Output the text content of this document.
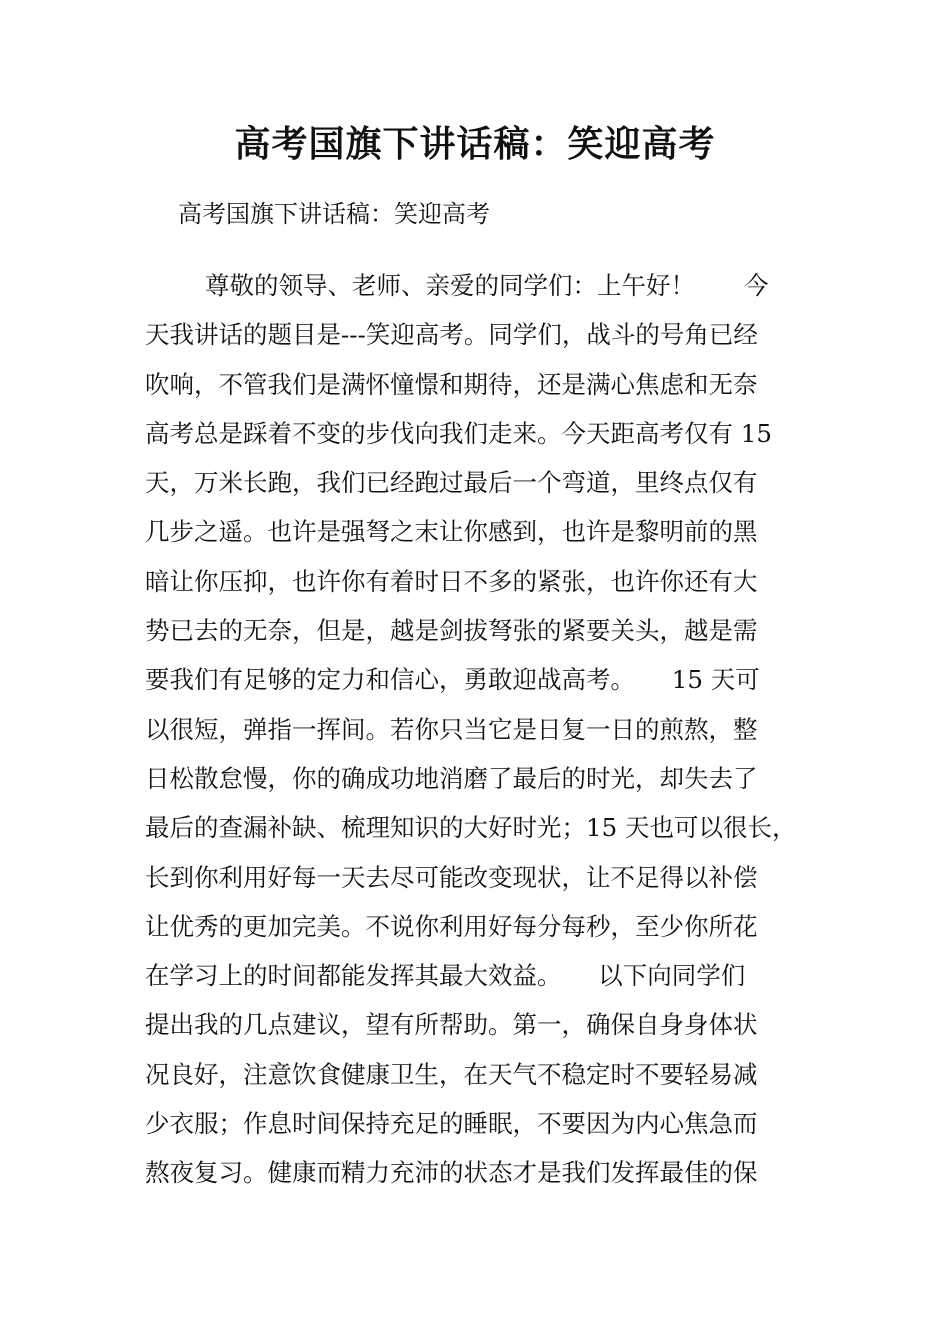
高考国旗下讲话稿：笑迎高考

高考国旗下讲话稿：笑迎高考

尊敬的领导、老师、亲爱的同学们：上午好！　　今

天我讲话的题目是---笑迎高考。同学们，战斗的号角已经

吹响，不管我们是满怀憧憬和期待，还是满心焦虑和无奈

高考总是踩着不变的步伐向我们走来。今天距高考仅有 15

天，万米长跑，我们已经跑过最后一个弯道，里终点仅有

几步之遥。也许是强弩之末让你感到，也许是黎明前的黑

暗让你压抑，也许你有着时日不多的紧张，也许你还有大

势已去的无奈，但是，越是剑拔弩张的紧要关头，越是需

要我们有足够的定力和信心，勇敢迎战高考。　　15 天可

以很短，弹指一挥间。若你只当它是日复一日的煎熬，整

日松散怠慢，你的确成功地消磨了最后的时光，却失去了

最后的查漏补缺、梳理知识的大好时光；15 天也可以很长，

长到你利用好每一天去尽可能改变现状，让不足得以补偿

让优秀的更加完美。不说你利用好每分每秒，至少你所花

在学习上的时间都能发挥其最大效益。　　以下向同学们

提出我的几点建议，望有所帮助。第一，确保自身身体状

况良好，注意饮食健康卫生，在天气不稳定时不要轻易减

少衣服；作息时间保持充足的睡眠，不要因为内心焦急而

熬夜复习。健康而精力充沛的状态才是我们发挥最佳的保
